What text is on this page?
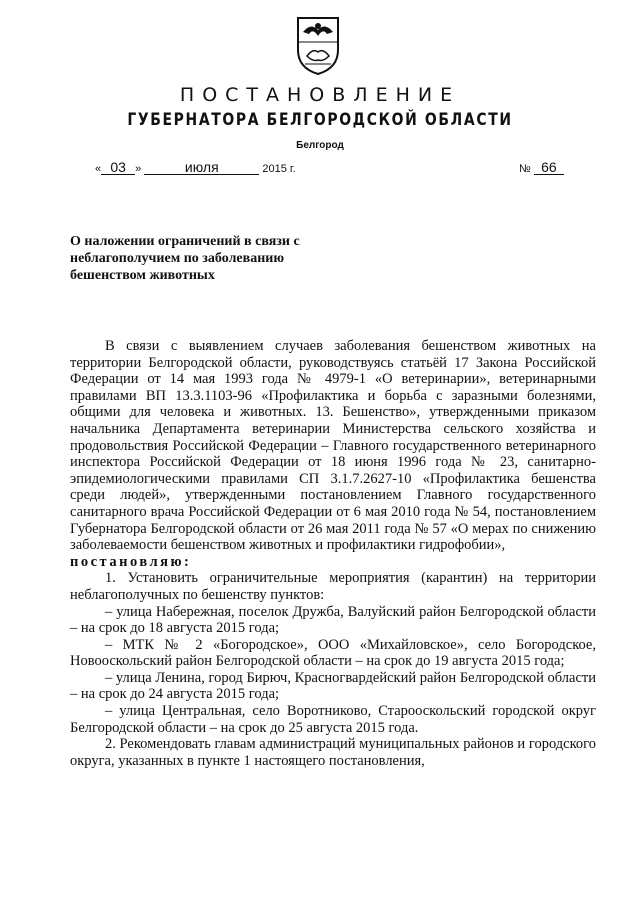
ПОСТАНОВЛЕНИЕ
ГУБЕРНАТОРА БЕЛГОРОДСКОЙ ОБЛАСТИ
Белгород
« 03 »	июля	2015 г.	№ 66
О наложении ограничений в связи с неблагополучием по заболеванию бешенством животных

В связи с выявлением случаев заболевания бешенством животных на территории Белгородской области, руководствуясь статьёй 17 Закона Российской Федерации от 14 мая 1993 года № 4979-1 «О ветеринарии», ветеринарными правилами ВП 13.3.1103-96 «Профилактика и борьба с заразными болезнями, общими для человека и животных. 13. Бешенство», утвержденными приказом начальника Департамента ветеринарии Министерства сельского хозяйства и продовольствия Российской Федерации – Главного государственного ветеринарного инспектора Российской Федерации от 18 июня 1996 года № 23, санитарно-эпидемиологическими правилами СП 3.1.7.2627-10 «Профилактика бешенства среди людей», утвержденными постановлением Главного государственного санитарного врача Российской Федерации от 6 мая 2010 года № 54, постановлением Губернатора Белгородской области от 26 мая 2011 года № 57 «О мерах по снижению заболеваемости бешенством животных и профилактики гидрофобии»,

постановляю:

1. Установить ограничительные мероприятия (карантин) на территории неблагополучных по бешенству пунктов:

– улица Набережная, поселок Дружба, Валуйский район Белгородской области – на срок до 18 августа 2015 года;

– МТК № 2 «Богородское», ООО «Михайловское», село Богородское, Новооскольский район Белгородской области – на срок до 19 августа 2015 года;

– улица Ленина, город Бирюч, Красногвардейский район Белгородской области – на срок до 24 августа 2015 года;

– улица Центральная, село Воротниково, Старооскольский городской округ Белгородской области – на срок до 25 августа 2015 года.

2. Рекомендовать главам администраций муниципальных районов и городского округа, указанных в пункте 1 настоящего постановления,
